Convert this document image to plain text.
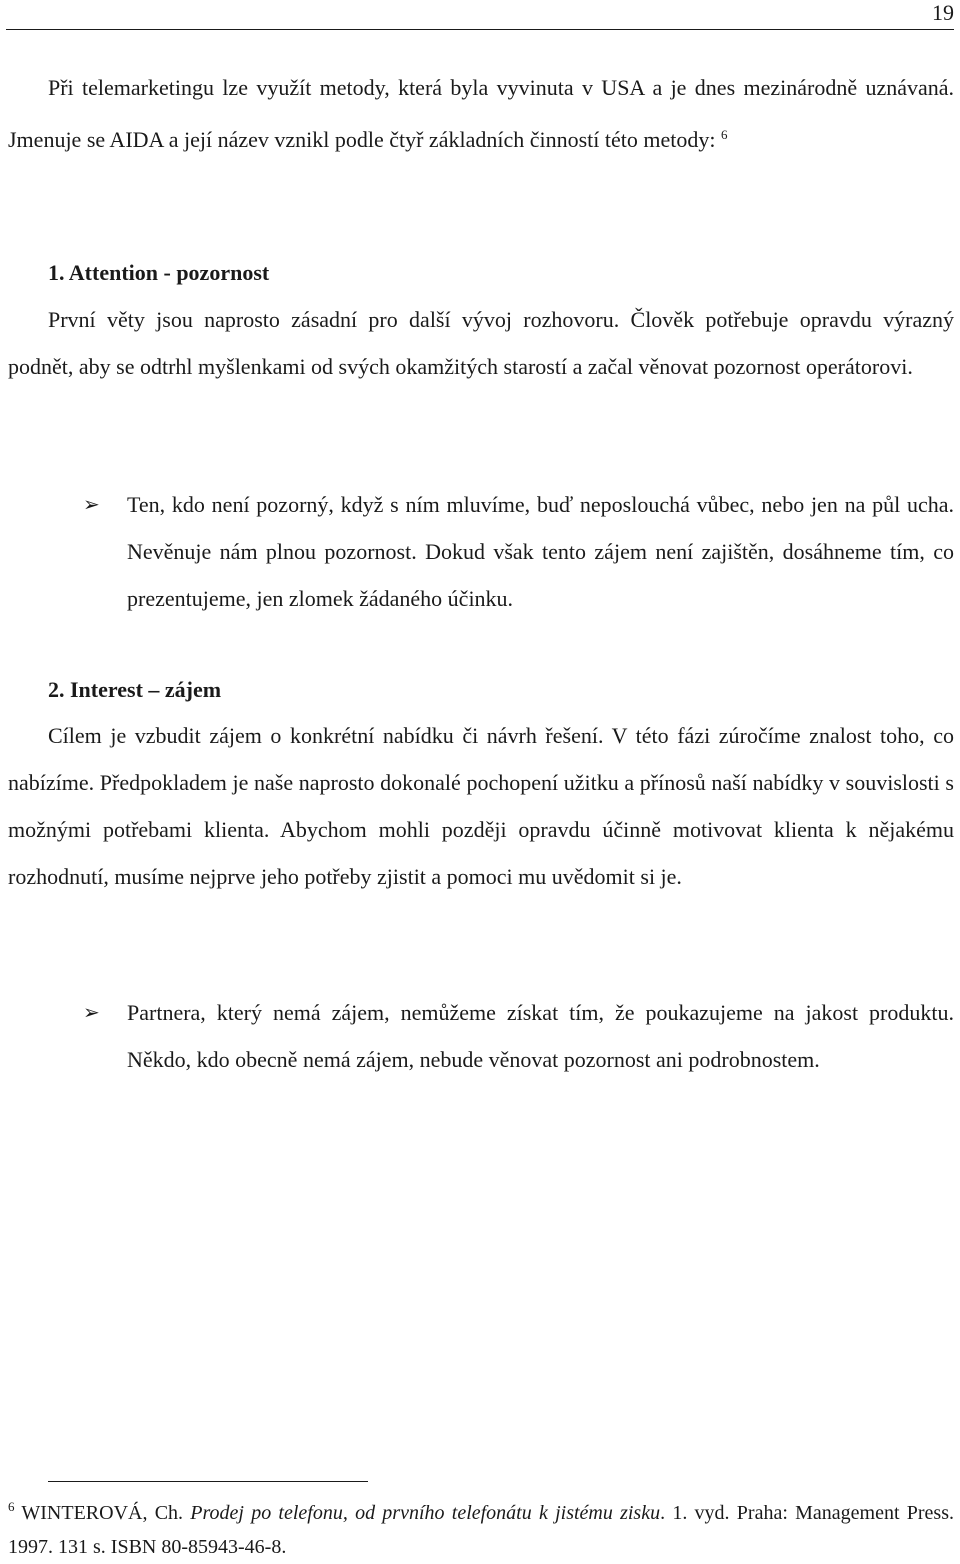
19

Při telemarketingu lze využít metody, která byla vyvinuta v USA a je dnes mezinárodně uznávaná. Jmenuje se AIDA a její název vznikl podle čtyř základních činností této metody: $^6$

1. Attention - pozornost

První věty jsou naprosto zásadní pro další vývoj rozhovoru. Člověk potřebuje opravdu výrazný podnět, aby se odtrhl myšlenkami od svých okamžitých starostí a začal věnovat pozornost operátorovi.

➢ Ten, kdo není pozorný, když s ním mluvíme, buď neposlouchá vůbec, nebo jen na půl ucha. Nevěnuje nám plnou pozornost. Dokud však tento zájem není zajištěn, dosáhneme tím, co prezentujeme, jen zlomek žádaného účinku.

2. Interest – zájem

Cílem je vzbudit zájem o konkrétní nabídku či návrh řešení. V této fázi zúročíme znalost toho, co nabízíme. Předpokladem je naše naprosto dokonalé pochopení užitku a přínosů naší nabídky v souvislosti s možnými potřebami klienta. Abychom mohli později opravdu účinně motivovat klienta k nějakému rozhodnutí, musíme nejprve jeho potřeby zjistit a pomoci mu uvědomit si je.

➢ Partnera, který nemá zájem, nemůžeme získat tím, že poukazujeme na jakost produktu. Někdo, kdo obecně nemá zájem, nebude věnovat pozornost ani podrobnostem.

$^6$ WINTEROVÁ, Ch. Prodej po telefonu, od prvního telefonátu k jistému zisku. 1. vyd. Praha: Management Press. 1997. 131 s. ISBN 80-85943-46-8.
